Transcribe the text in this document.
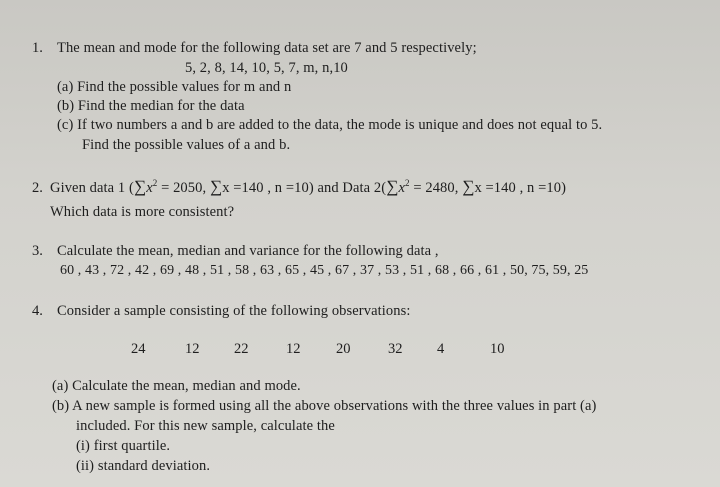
1. The mean and mode for the following data set are 7 and 5 respectively;
5, 2, 8, 14, 10, 5, 7, m, n,10
(a) Find the possible values for m and n
(b) Find the median for the data
(c) If two numbers a and b are added to the data, the mode is unique and does not equal to 5.
Find the possible values of a and b.
2. Given data 1 ($\sum x^2 = 2050$, ∑x =140 , n =10) and Data $2(\sum x^2 = 2480$, ∑x =140 , n =10)
Which data is more consistent?
3. Calculate the mean, median and variance for the following data ,
60 , 43 , 72 , 42 , 69 , 48 , 51 , 58 , 63 , 65 , 45 , 67 , 37 , 53 , 51 , 68 , 66 , 61 , 50, 75, 59, 25
4. Consider a sample consisting of the following observations:
24	12 22	12 20	32 4	10
(a) Calculate the mean, median and mode.
(b) A new sample is formed using all the above observations with the three values in part (a)
included. For this new sample, calculate the
(i) first quartile.
(ii) standard deviation.
